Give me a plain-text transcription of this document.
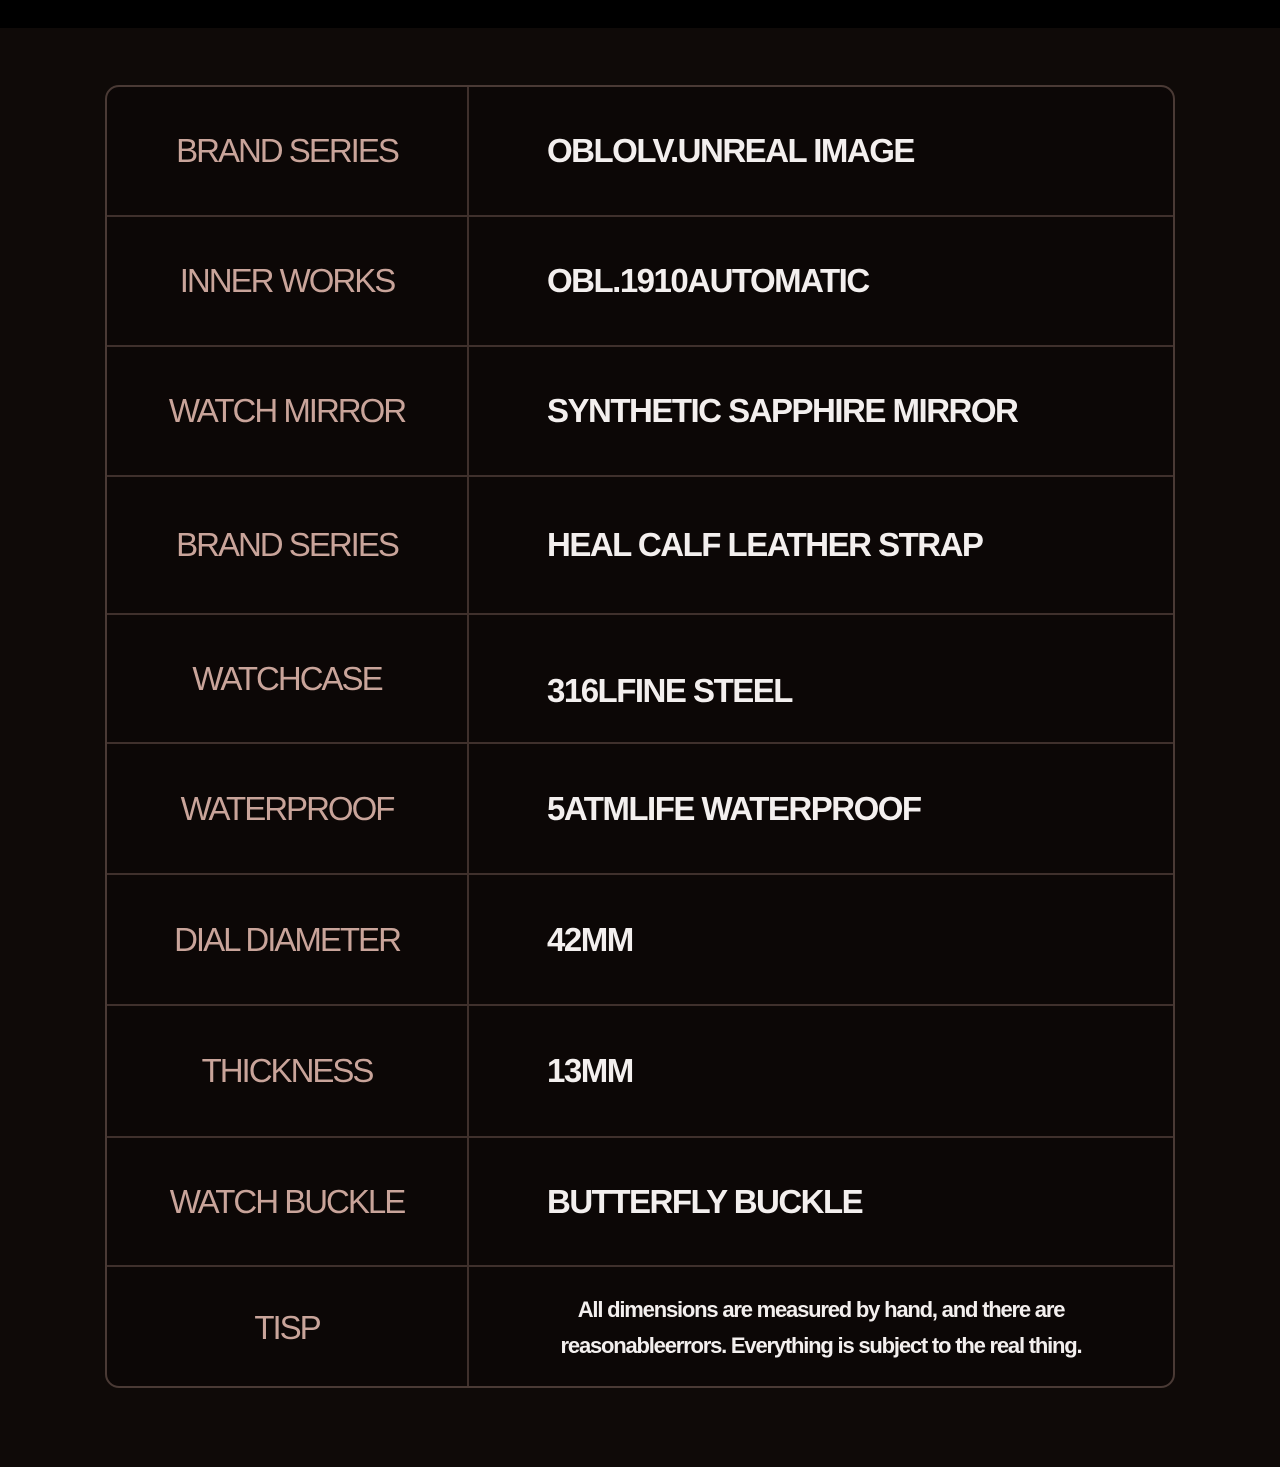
BRAND SERIES	OBLOLV.UNREAL IMAGE
INNER WORKS	OBL.1910AUTOMATIC
WATCH MIRROR	SYNTHETIC SAPPHIRE MIRROR
BRAND SERIES	HEAL CALF LEATHER STRAP
WATCHCASE	316LFINE STEEL
WATERPROOF	5ATMLIFE WATERPROOF
DIAL DIAMETER	42MM
THICKNESS	13MM
WATCH BUCKLE	BUTTERFLY BUCKLE
TISP	All dimensions are measured by hand, and there are
reasonableerrors. Everything is subject to the real thing.
